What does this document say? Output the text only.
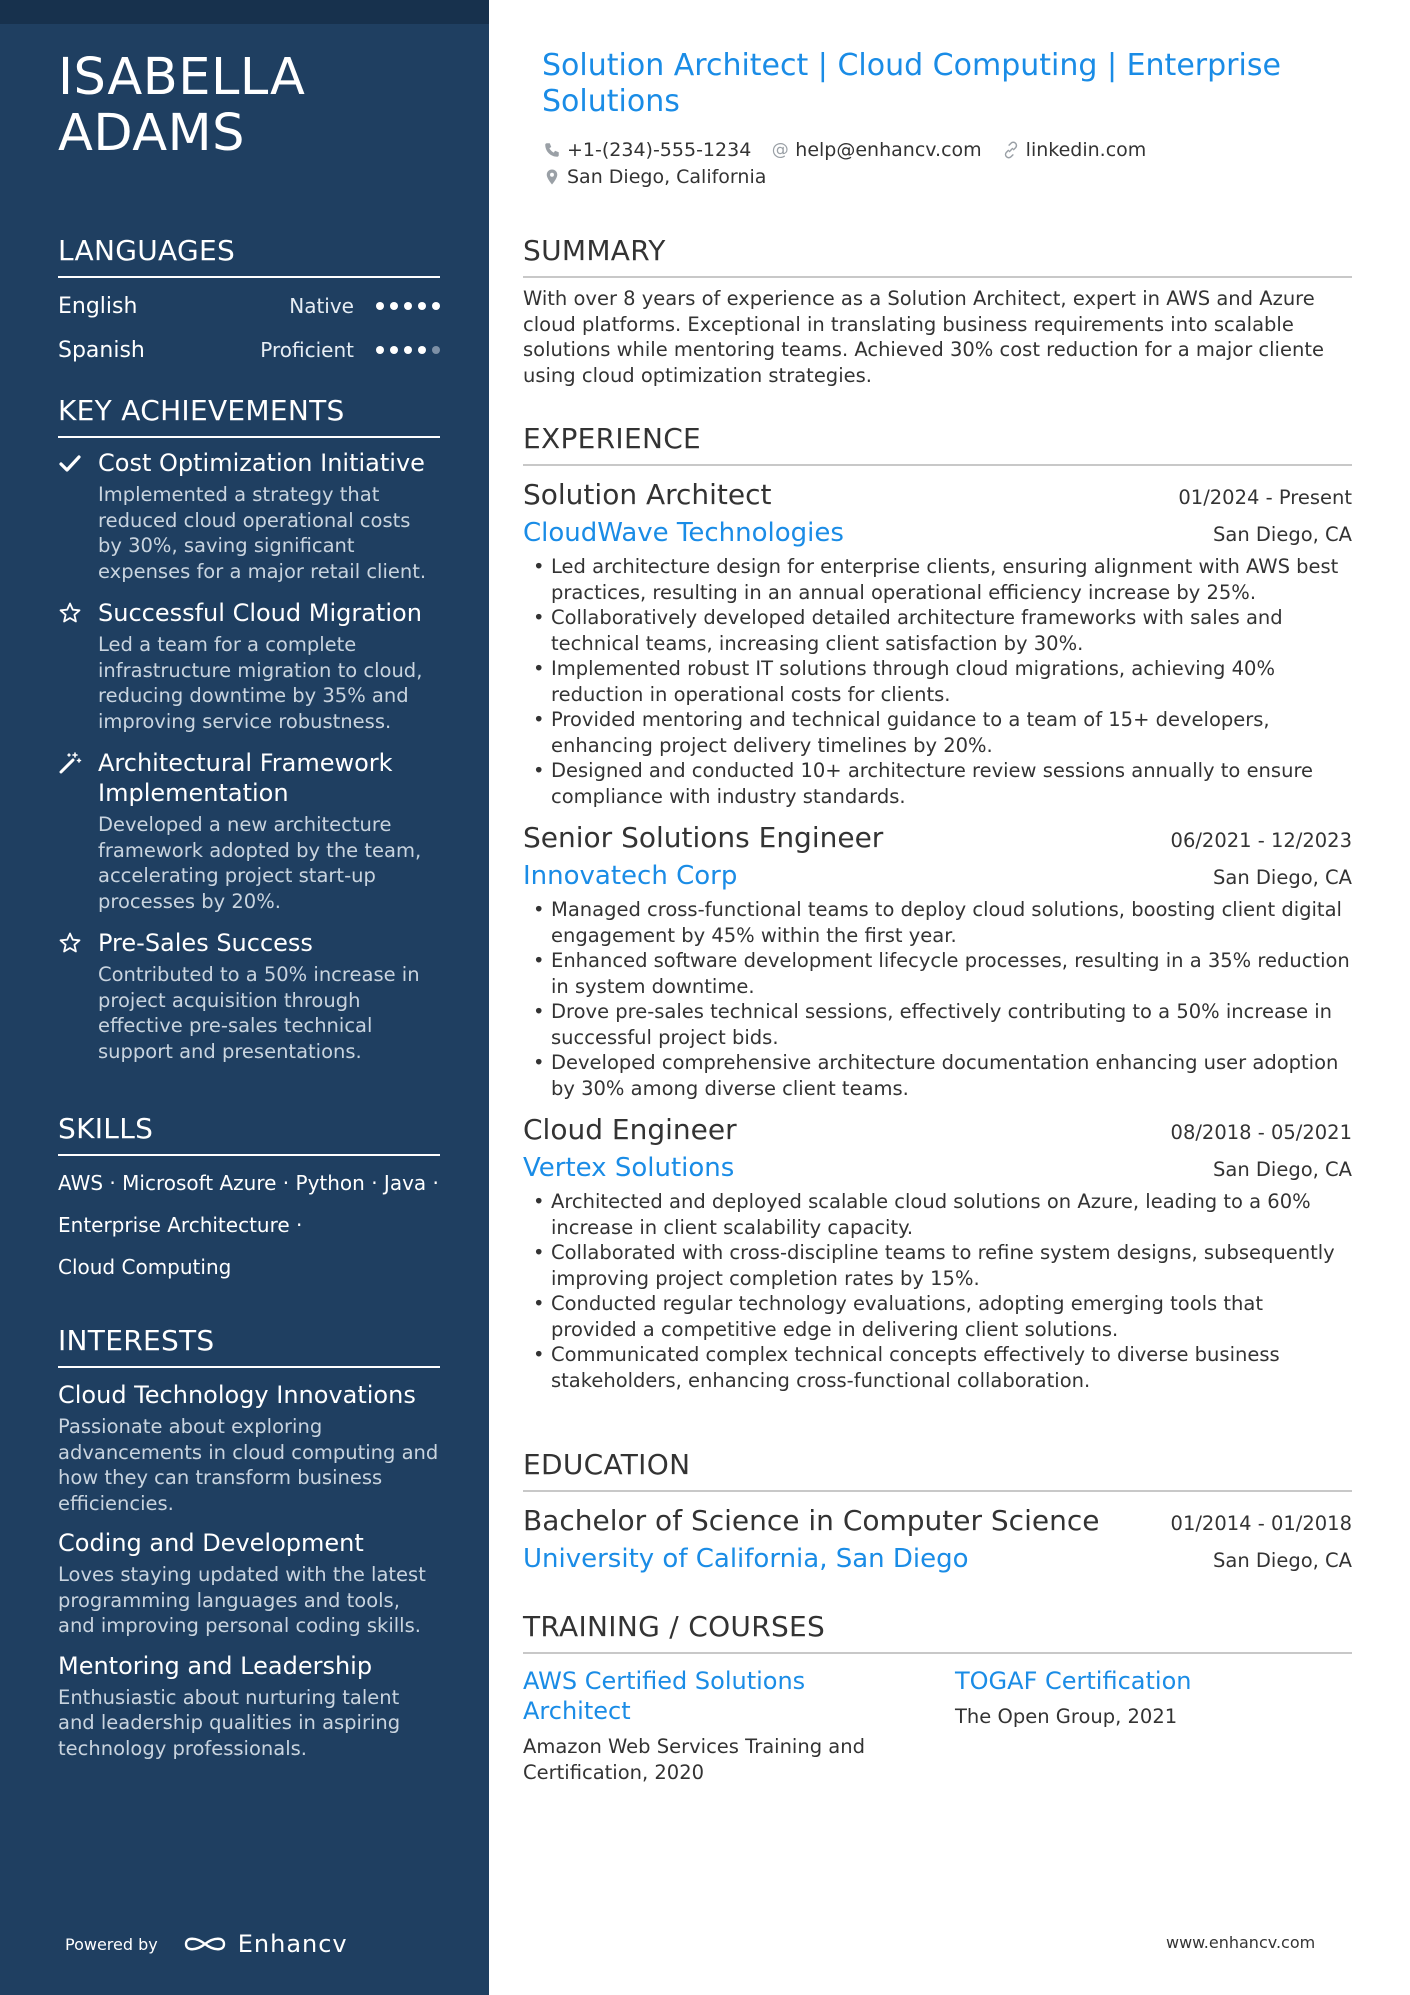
ISABELLA ADAMS
LANGUAGES
English	Native
Spanish	Proficient
KEY ACHIEVEMENTS
Cost Optimization Initiative
Implemented a strategy that reduced cloud operational costs by 30%, saving significant expenses for a major retail client.
Successful Cloud Migration
Led a team for a complete infrastructure migration to cloud, reducing downtime by 35% and improving service robustness.
Architectural Framework Implementation
Developed a new architecture framework adopted by the team, accelerating project start-up processes by 20%.
Pre-Sales Success
Contributed to a 50% increase in project acquisition through effective pre-sales technical support and presentations.
SKILLS
AWS · Microsoft Azure · Python · Java ·
Enterprise Architecture ·
Cloud Computing
INTERESTS
Cloud Technology Innovations
Passionate about exploring advancements in cloud computing and how they can transform business efficiencies.
Coding and Development
Loves staying updated with the latest programming languages and tools, and improving personal coding skills.
Mentoring and Leadership
Enthusiastic about nurturing talent and leadership qualities in aspiring technology professionals.
Powered by	Enhancv
Solution Architect | Cloud Computing | Enterprise Solutions
+1-(234)-555-1234 @ help@enhancv.com linkedin.com
San Diego, California
SUMMARY
With over 8 years of experience as a Solution Architect, expert in AWS and Azure cloud platforms. Exceptional in translating business requirements into scalable solutions while mentoring teams. Achieved 30% cost reduction for a major cliente using cloud optimization strategies.
EXPERIENCE
Solution Architect	01/2024 - Present
CloudWave Technologies	San Diego, CA
• Led architecture design for enterprise clients, ensuring alignment with AWS best practices, resulting in an annual operational efficiency increase by 25%.
• Collaboratively developed detailed architecture frameworks with sales and technical teams, increasing client satisfaction by 30%.
• Implemented robust IT solutions through cloud migrations, achieving 40% reduction in operational costs for clients.
• Provided mentoring and technical guidance to a team of 15+ developers, enhancing project delivery timelines by 20%.
• Designed and conducted 10+ architecture review sessions annually to ensure compliance with industry standards.
Senior Solutions Engineer	06/2021 - 12/2023
Innovatech Corp	San Diego, CA
• Managed cross-functional teams to deploy cloud solutions, boosting client digital engagement by 45% within the first year.
• Enhanced software development lifecycle processes, resulting in a 35% reduction in system downtime.
• Drove pre-sales technical sessions, effectively contributing to a 50% increase in successful project bids.
• Developed comprehensive architecture documentation enhancing user adoption by 30% among diverse client teams.
Cloud Engineer	08/2018 - 05/2021
Vertex Solutions	San Diego, CA
• Architected and deployed scalable cloud solutions on Azure, leading to a 60% increase in client scalability capacity.
• Collaborated with cross-discipline teams to refine system designs, subsequently improving project completion rates by 15%.
• Conducted regular technology evaluations, adopting emerging tools that provided a competitive edge in delivering client solutions.
• Communicated complex technical concepts effectively to diverse business stakeholders, enhancing cross-functional collaboration.
EDUCATION
Bachelor of Science in Computer Science	01/2014 - 01/2018
University of California, San Diego	San Diego, CA
TRAINING / COURSES
AWS Certified Solutions Architect
Amazon Web Services Training and Certification, 2020
TOGAF Certification
The Open Group, 2021
www.enhancv.com
